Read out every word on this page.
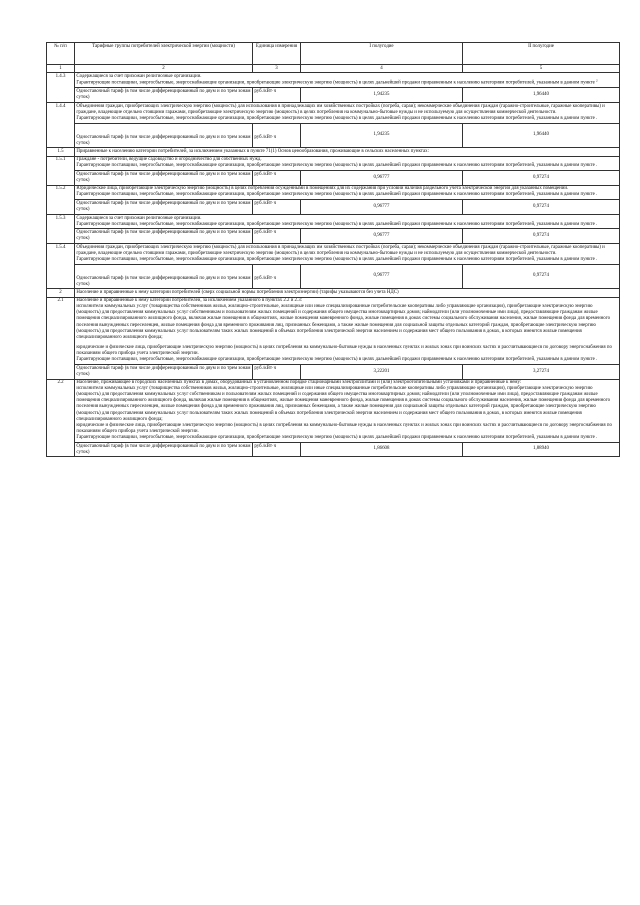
№ п/п	Тарифные группы потребителей электрической энергии (мощности)	Единица измерения	I полугодие	II полугодие
1	2	3	4	5
1.4.3	Содержащиеся за счет прихожан религиозные организации.

Гарантирующие поставщики, энергосбытовые, энергоснабжающие организации, приобретающие электрическую энергию (мощность) в целях дальнейшей продажи приравненным к населению категориям потребителей, указанным в данном пункте $^2$

	Одноставочный тариф (в том числе дифференцированный по двум и по трем зонам суток)	руб./кВт·ч	1,94235	1,96440
1.4.4	Объединения граждан, приобретающих электрическую энергию (мощность) для использования в принадлежащих им хозяйственных постройках (погреба, сараи); некоммерческие объединения граждан (гаражно-строительные, гаражные кооперативы) и граждане, владеющие отдельно стоящими гаражами, приобретающие электрическую энергию (мощность) в целях потребления на коммунально-бытовые нужды и не используемую для осуществления коммерческой деятельности.

Гарантирующие поставщики, энергосбытовые, энергоснабжающие организации, приобретающие электрическую энергию (мощность) в целях дальнейшей продажи приравненным к населению категориям потребителей, указанным в данном пункте .			

	Одноставочный тариф (в том числе дифференцированный по двум и по трем зонам суток)	руб./кВт·ч	1,94235	1,96440
1.5	Приравненные к населению категории потребителей, за исключением указанных в пункте 71(1) Основ ценообразования, проживающие в сельских населенных пунктах:			
1.5.1	Граждане - потребители, ведущие садоводство и огородничество для собственных нужд.

Гарантирующие поставщики, энергосбытовые, энергоснабжающие организации, приобретающие электрическую энергию (мощность) в целях дальнейшей продажи приравненным к населению категориям потребителей, указанным в данном пункте .			

	Одноставочный тариф (в том числе дифференцированный по двум и по трем зонам суток)	руб./кВт·ч	0,96777	0,97274
1.5.2	Юридические лица, приобретающие электрическую энергию (мощность) в целях потребления осужденными в помещениях для их содержания при условии наличия раздельного учета электрической энергии для указанных помещений.

Гарантирующие поставщики, энергосбытовые, энергоснабжающие организации, приобретающие электрическую энергию (мощность) в целях дальнейшей продажи приравненным к населению категориям потребителей, указанным в данном пункте .			

	Одноставочный тариф (в том числе дифференцированный по двум и по трем зонам суток)	руб./кВт·ч	0,96777	0,97274
1.5.3	Содержащиеся за счет прихожан религиозные организации.

Гарантирующие поставщики, энергосбытовые, энергоснабжающие организации, приобретающие электрическую энергию (мощность) в целях дальнейшей продажи приравненным к населению категориям потребителей, указанным в данном пункте .			

	Одноставочный тариф (в том числе дифференцированный по двум и по трем зонам суток)	руб./кВт·ч	0,96777	0,97274
1.5.4	Объединения граждан, приобретающих электрическую энергию (мощность) для использования в принадлежащих им хозяйственных постройках (погреба, сараи); некоммерческие объединения граждан (гаражно-строительные, гаражные кооперативы) и граждане, владеющие отдельно стоящими гаражами, приобретающие электрическую энергию (мощность) в целях потребления на коммунально-бытовые нужды и не используемую для осуществления коммерческой деятельности.

Гарантирующие поставщики, энергосбытовые, энергоснабжающие организации, приобретающие электрическую энергию (мощность) в целях дальнейшей продажи приравненным к населению категориям потребителей, указанным в данном пункте .			

	Одноставочный тариф (в том числе дифференцированный по двум и по трем зонам суток)	руб./кВт·ч	0,96777	0,97274
2	Население и приравненные к нему категории потребителей (сверх социальной нормы потребления электроэнергии) (тарифы указываются без учета НДС)			
2.1	Население и приравненные к нему категории потребителей, за исключением указанного в пунктах 2.2 и 2.3:

исполнители коммунальных услуг (товарищества собственников жилья, жилищно-строительные, жилищные или иные специализированные потребительские кооперативы либо управляющие организации), приобретающие электрическую энергию (мощность) для предоставления коммунальных услуг собственникам и пользователям жилых помещений и содержания общего имущества многоквартирных домов; наймодатели (или уполномоченные ими лица), предоставляющие гражданам жилые помещения специализированного жилищного фонда, включая жилые помещения в общежитиях, жилые помещения маневренного фонда, жилые помещения в домах системы социального обслуживания населения, жилые помещения фонда для временного поселения вынужденных переселенцев, жилые помещения фонда для временного проживания лиц, признанных беженцами, а также жилые помещения для социальной защиты отдельных категорий граждан, приобретающие электрическую энергию (мощность) для предоставления коммунальных услуг пользователям таких жилых помещений в объемах потребления электрической энергии населением и содержания мест общего пользования в домах, в которых имеются жилые помещения специализированного жилищного фонда;

юридические и физические лица, приобретающие электрическую энергию (мощность) в целях потребления на коммунально-бытовые нужды в населенных пунктах и жилых зонах при воинских частях и рассчитывающиеся по договору энергоснабжения по показаниям общего прибора учета электрической энергии.

Гарантирующие поставщики, энергосбытовые, энергоснабжающие организации, приобретающие электрическую энергию (мощность) в целях дальнейшей продажи приравненным к населению категориям потребителей, указанным в данном пункте .			

	Одноставочный тариф (в том числе дифференцированный по двум и по трем зонам суток)	руб./кВт·ч	3,22201	3,27274
2.2	Население, проживающее в городских населенных пунктах в домах, оборудованных в установленном порядке стационарными электроплитами и (или) электроотопительными установками и приравненные к нему:

исполнители коммунальных услуг (товарищества собственников жилья, жилищно-строительные, жилищные или иные специализированные потребительские кооперативы либо управляющие организации), приобретающие электрическую энергию (мощность) для предоставления коммунальных услуг собственникам и пользователям жилых помещений и содержания общего имущества многоквартирных домов; наймодатели (или уполномоченные ими лица), предоставляющие гражданам жилые помещения специализированного жилищного фонда, включая жилые помещения в общежитиях, жилые помещения маневренного фонда, жилые помещения в домах системы социального обслуживания населения, жилые помещения фонда для временного поселения вынужденных переселенцев, жилые помещения фонда для временного проживания лиц, признанных беженцами, а также жилые помещения для социальной защиты отдельных категорий граждан, приобретающие электрическую энергию (мощность) для предоставления коммунальных услуг пользователям таких жилых помещений в объемах потребления электрической энергии населением и содержания мест общего пользования в домах, в которых имеются жилые помещения специализированного жилищного фонда;

юридические и физические лица, приобретающие электрическую энергию (мощность) в целях потребления на коммунально-бытовые нужды в населенных пунктах и жилых зонах при воинских частях и рассчитывающиеся по договору энергоснабжения по показаниям общего прибора учета электрической энергии.

Гарантирующие поставщики, энергосбытовые, энергоснабжающие организации, приобретающие электрическую энергию (мощность) в целях дальнейшей продажи приравненным к населению категориям потребителей, указанным в данном пункте .			

	Одноставочный тариф (в том числе дифференцированный по двум и по трем зонам суток)	руб./кВт·ч	1,86608	1,88940
